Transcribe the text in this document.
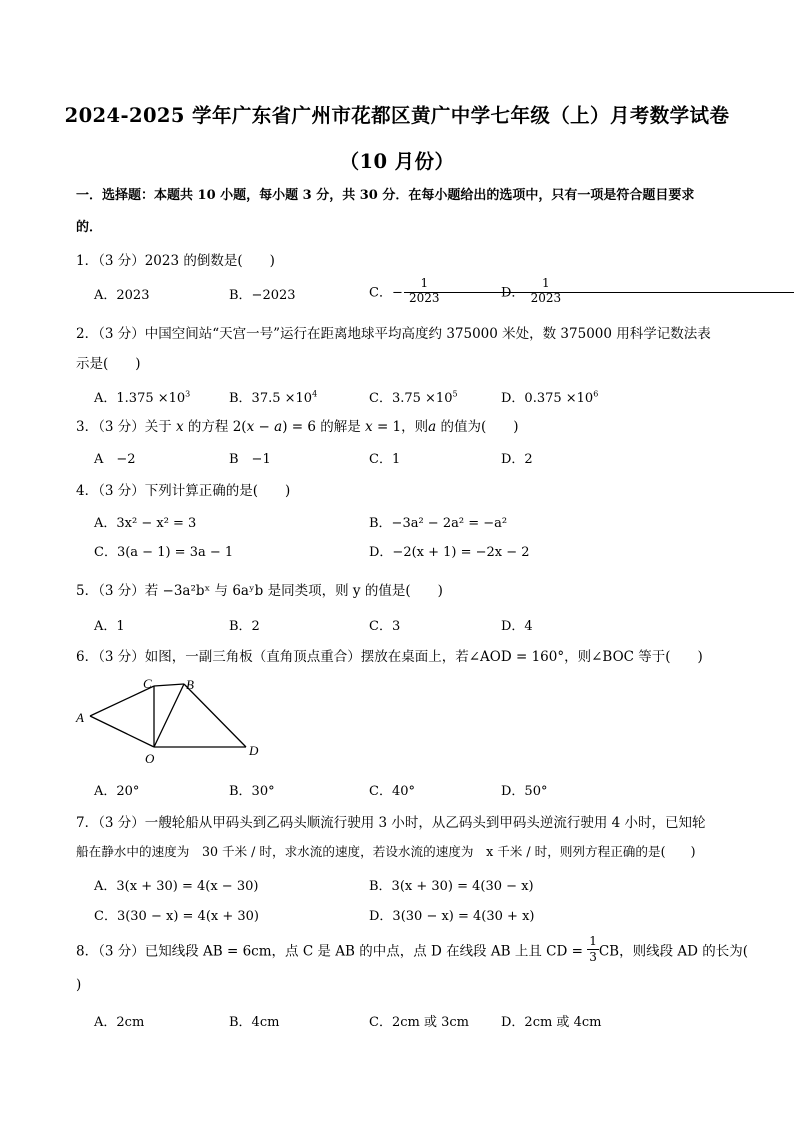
2024-2025 学年广东省广州市花都区黄广中学七年级（上）月考数学试卷
（10 月份）
一．选择题：本题共 10 小题，每小题 3 分，共 30 分．在每小题给出的选项中，只有一项是符合题目要求
的．
1．（3 分）2023 的倒数是(　　)
A．2023	B．−2023	C．−
1
2023	D．
1
2023
2．（3 分）中国空间站“天宫一号”运行在距离地球平均高度约 375000 米处，数 375000 用科学记数法表
示是(　　)
A．$1.375 \times 10^3$	B．$37.5 \times 10^4$	C．$3.75 \times 10^5$	D．$0.375 \times 10^6$
3．（3 分）关于 x 的方程 2(x − a) = 6 的解是 x = 1，则a 的值为(　　)
A　−2	B　−1	C．1	D．2
4．（3 分）下列计算正确的是(　　)
A．3x² − x² = 3	B．−3a² − 2a² = −a²
C．3(a − 1) = 3a − 1	D．−2(x + 1) = −2x − 2
5．（3 分）若 −3a²bˣ 与 6aʸb 是同类项，则 y 的值是(　　)
A．1	B．2	C．3	D．4
6．（3 分）如图，一副三角板（直角顶点重合）摆放在桌面上，若∠AOD = 160°，则∠BOC 等于(　　)
A
C	B
D
O
A．20°	B．30°	C．40°	D．50°
7．（3 分）一艘轮船从甲码头到乙码头顺流行驶用 3 小时，从乙码头到甲码头逆流行驶用 4 小时，已知轮
船在静水中的速度为　30 千米 / 时，求水流的速度，若设水流的速度为　x 千米 / 时，则列方程正确的是(　　)
A．3(x + 30) = 4(x − 30)	B．3(x + 30) = 4(30 − x)
C．3(30 − x) = 4(x + 30)	D．3(30 − x) = 4(30 + x)
8．（3 分）已知线段 AB = 6cm，点 C 是 AB 的中点，点 D 在线段 AB 上且 CD = $\frac{1}{3}$ CB，则线段 AD 的长为(
)
A．2cm	B．4cm	C．2cm 或 3cm D．2cm 或 4cm
